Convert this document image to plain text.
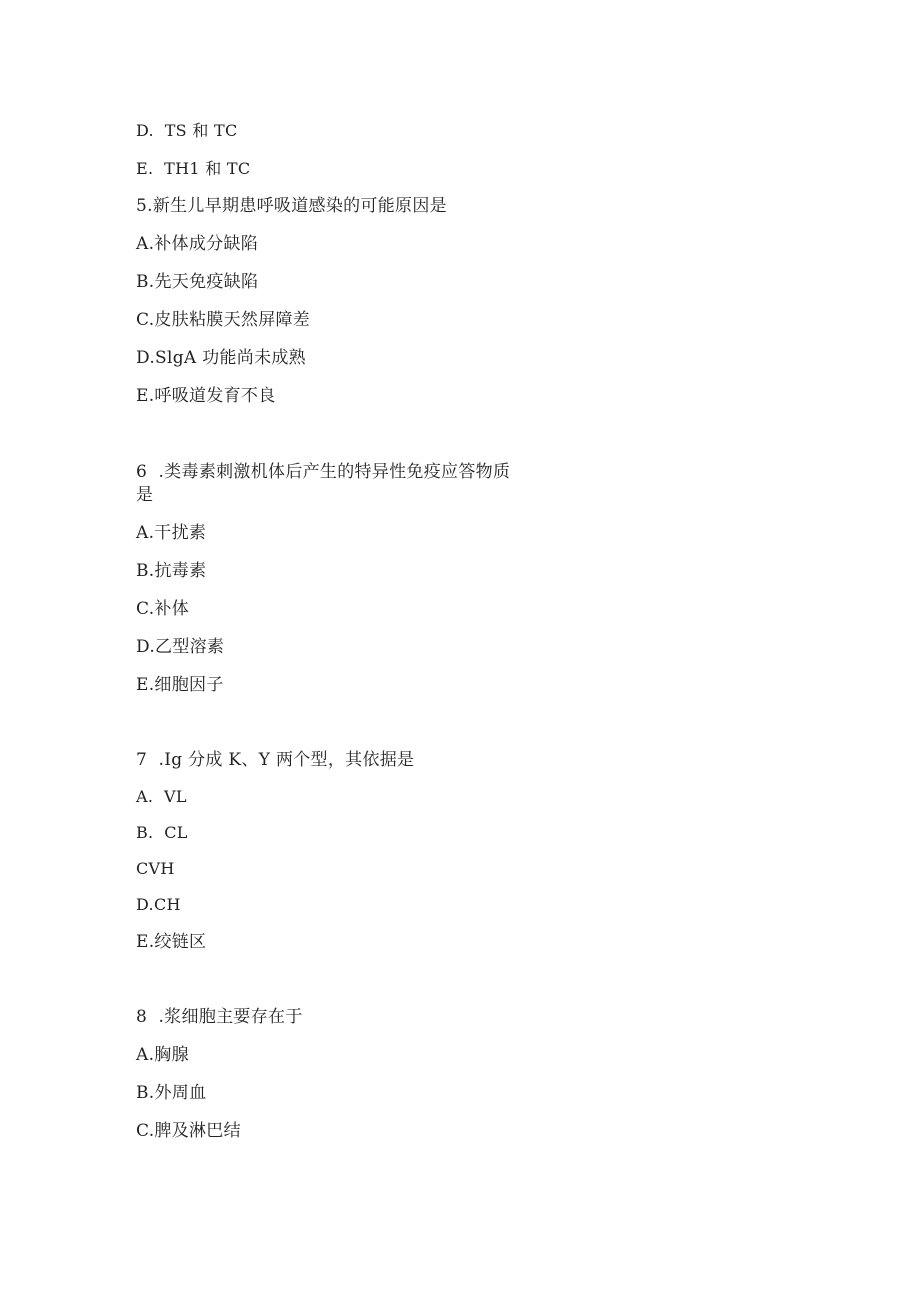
D.  TS 和 TC
E.  TH1 和 TC
5.新生儿早期患呼吸道感染的可能原因是
A.补体成分缺陷
B.先天免疫缺陷
C.皮肤粘膜天然屏障差
D.SlgA 功能尚未成熟
E.呼吸道发育不良
6  .类毒素刺激机体后产生的特异性免疫应答物质
是
A.干扰素
B.抗毒素
C.补体
D.乙型溶素
E.细胞因子
7  .Ig 分成 K、Y 两个型，其依据是
A.  VL
B.  CL
CVH
D.CH
E.绞链区
8  .浆细胞主要存在于
A.胸腺
B.外周血
C.脾及淋巴结
